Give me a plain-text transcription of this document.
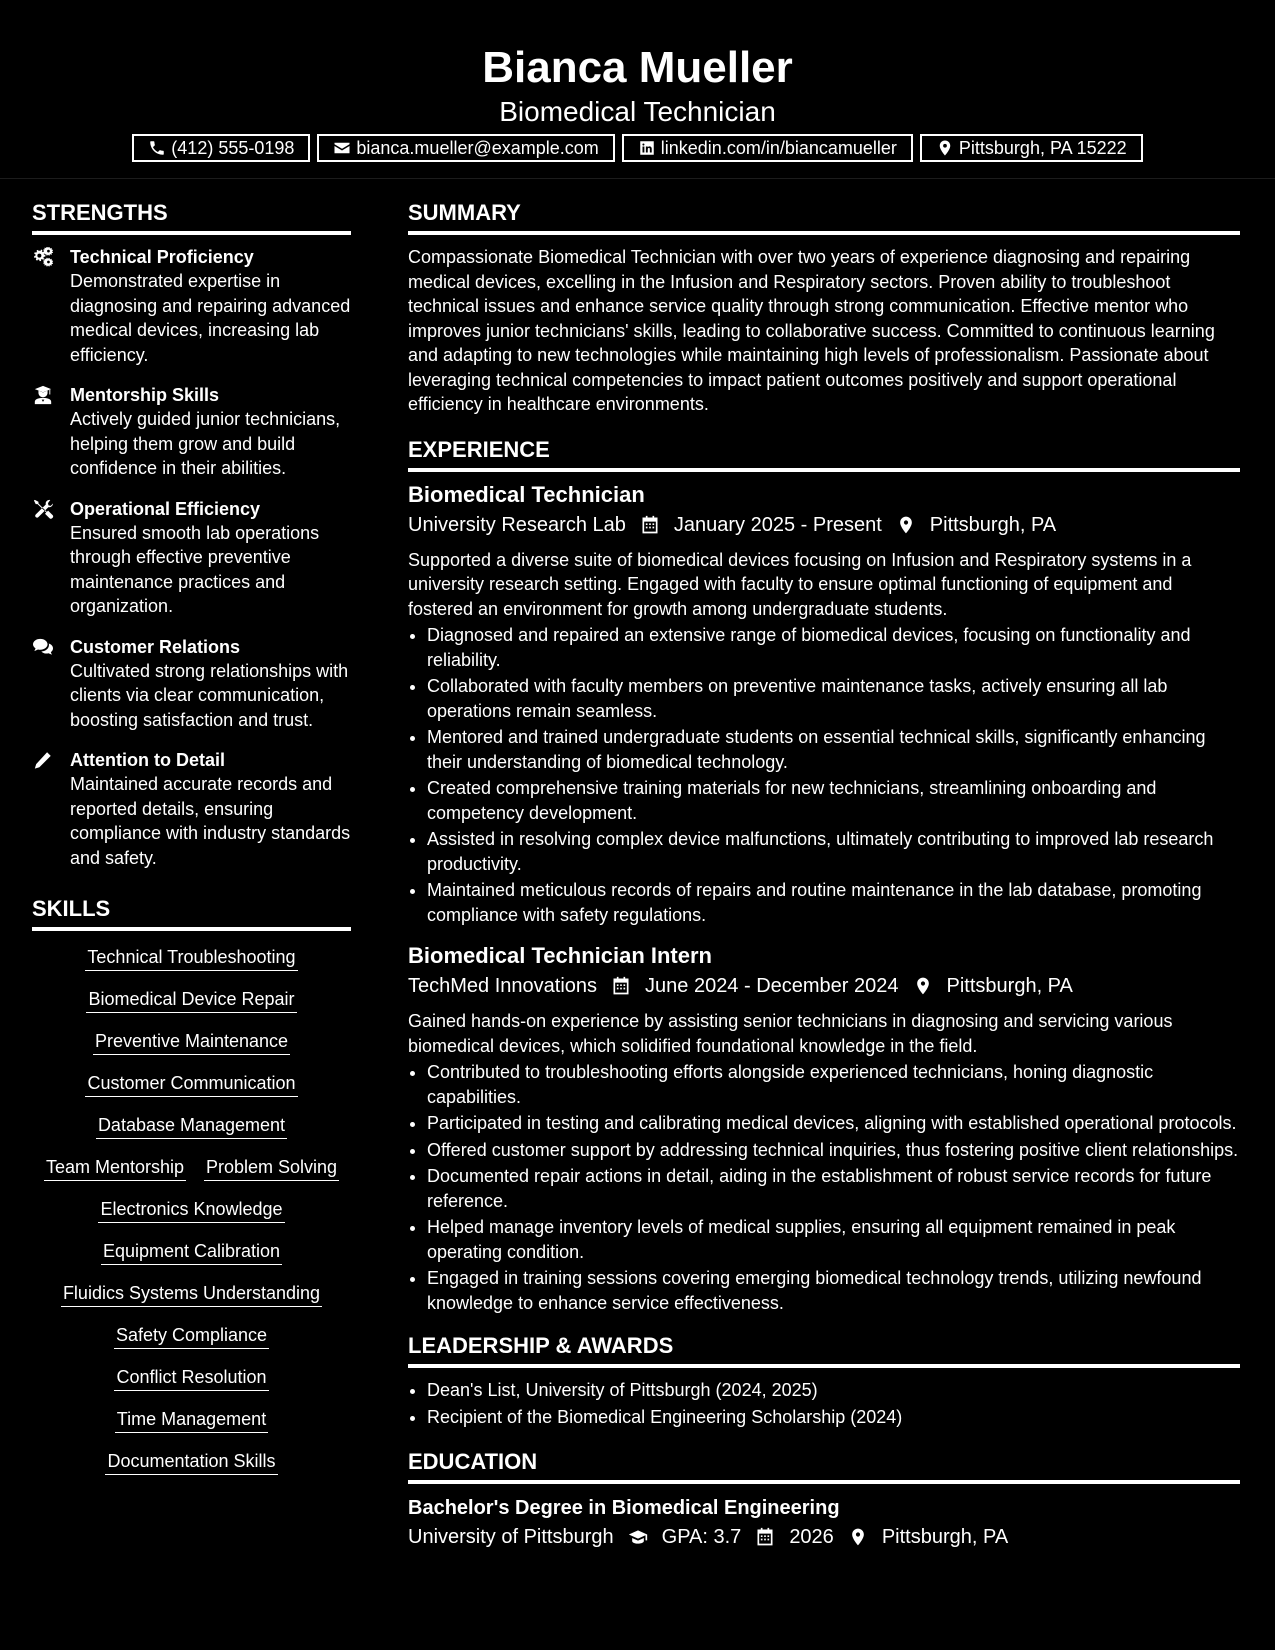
Bianca Mueller
Biomedical Technician
(412) 555-0198	bianca.mueller@example.com	linkedin.com/in/biancamueller	Pittsburgh, PA 15222
STRENGTHS
Technical Proficiency
Demonstrated expertise in diagnosing and repairing advanced medical devices, increasing lab efficiency.
Mentorship Skills
Actively guided junior technicians, helping them grow and build confidence in their abilities.
Operational Efficiency
Ensured smooth lab operations through effective preventive maintenance practices and organization.
Customer Relations
Cultivated strong relationships with clients via clear communication, boosting satisfaction and trust.
Attention to Detail
Maintained accurate records and reported details, ensuring compliance with industry standards and safety.
SKILLS
Technical Troubleshooting
Biomedical Device Repair
Preventive Maintenance
Customer Communication
Database Management
Team Mentorship Problem Solving
Electronics Knowledge
Equipment Calibration
Fluidics Systems Understanding
Safety Compliance
Conflict Resolution
Time Management
Documentation Skills
SUMMARY

Compassionate Biomedical Technician with over two years of experience diagnosing and repairing medical devices, excelling in the Infusion and Respiratory sectors. Proven ability to troubleshoot technical issues and enhance service quality through strong communication. Effective mentor who improves junior technicians' skills, leading to collaborative success. Committed to continuous learning and adapting to new technologies while maintaining high levels of professionalism. Passionate about leveraging technical competencies to impact patient outcomes positively and support operational efficiency in healthcare environments.

EXPERIENCE
Biomedical Technician
University Research Lab January 2025 - Present Pittsburgh, PA

Supported a diverse suite of biomedical devices focusing on Infusion and Respiratory systems in a university research setting. Engaged with faculty to ensure optimal functioning of equipment and fostered an environment for growth among undergraduate students.

• Diagnosed and repaired an extensive range of biomedical devices, focusing on functionality and reliability.
• Collaborated with faculty members on preventive maintenance tasks, actively ensuring all lab operations remain seamless.
• Mentored and trained undergraduate students on essential technical skills, significantly enhancing their understanding of biomedical technology.
• Created comprehensive training materials for new technicians, streamlining onboarding and competency development.
• Assisted in resolving complex device malfunctions, ultimately contributing to improved lab research productivity.
• Maintained meticulous records of repairs and routine maintenance in the lab database, promoting compliance with safety regulations.
Biomedical Technician Intern
TechMed Innovations June 2024 - December 2024 Pittsburgh, PA

Gained hands-on experience by assisting senior technicians in diagnosing and servicing various biomedical devices, which solidified foundational knowledge in the field.

• Contributed to troubleshooting efforts alongside experienced technicians, honing diagnostic capabilities.
• Participated in testing and calibrating medical devices, aligning with established operational protocols.
• Offered customer support by addressing technical inquiries, thus fostering positive client relationships.
• Documented repair actions in detail, aiding in the establishment of robust service records for future reference.
• Helped manage inventory levels of medical supplies, ensuring all equipment remained in peak operating condition.
• Engaged in training sessions covering emerging biomedical technology trends, utilizing newfound knowledge to enhance service effectiveness.
LEADERSHIP & AWARDS
• Dean's List, University of Pittsburgh (2024, 2025)
• Recipient of the Biomedical Engineering Scholarship (2024)
EDUCATION
Bachelor's Degree in Biomedical Engineering
University of Pittsburgh GPA: 3.7 2026 Pittsburgh, PA
